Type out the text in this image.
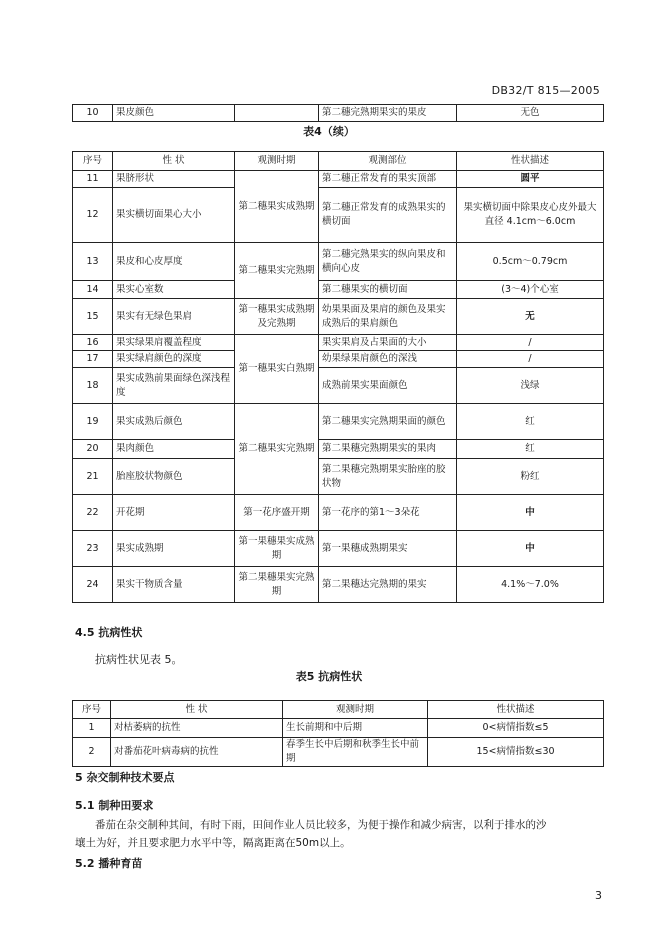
DB32/T 815—2005
10	果皮颜色		第二穗完熟期果实的果皮	无色
表4（续）
序号	性 状	观测时期	观测部位	性状描述
11	果脐形状	第二穗果实成熟期	第二穗正常发育的果实顶部	圆平
12	果实横切面果心大小		第二穗正常发育的成熟果实的横切面	果实横切面中除果皮心皮外最大直径 4.1cm～6.0cm
13	果皮和心皮厚度	第二穗果实完熟期	第二穗完熟果实的纵向果皮和横向心皮	0.5cm～0.79cm
14	果实心室数		第二穗果实的横切面	(3～4)个心室
15	果实有无绿色果肩	第一穗果实成熟期及完熟期	幼果果面及果肩的颜色及果实成熟后的果肩颜色	无
16	果实绿果肩覆盖程度	第一穗果实白熟期	果实果肩及占果面的大小	/
17	果实绿肩颜色的深度		幼果绿果肩颜色的深浅	/
18	果实成熟前果面绿色深浅程度		成熟前果实果面颜色	浅绿
19	果实成熟后颜色	第二穗果实完熟期	第二穗果实完熟期果面的颜色	红
20	果肉颜色		第二果穗完熟期果实的果肉	红
21	胎座胶状物颜色		第二果穗完熟期果实胎座的胶状物	粉红
22	开花期	第一花序盛开期	第一花序的第1～3朵花	中
23	果实成熟期	第一果穗果实成熟期	第一果穗成熟期果实	中
24	果实干物质含量	第二果穗果实完熟期	第二果穗达完熟期的果实	4.1%～7.0%
4.5 抗病性状
抗病性状见表 5。
表5 抗病性状
序号	性 状	观测时期	性状描述
1	对枯萎病的抗性	生长前期和中后期	0<病情指数≤5
2	对番茄花叶病毒病的抗性	春季生长中后期和秋季生长中前期	15<病情指数≤30
5 杂交制种技术要点
5.1 制种田要求
番茄在杂交制种其间，有时下雨，田间作业人员比较多，为便于操作和减少病害，以利于排水的沙
壤土为好，并且要求肥力水平中等，隔离距离在50m以上。
5.2 播种育苗
3
